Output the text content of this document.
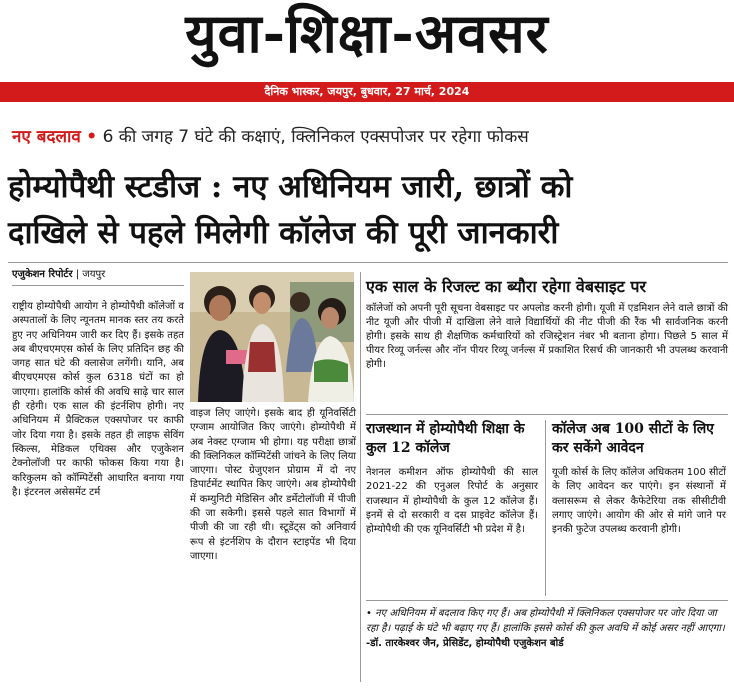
युवा-शिक्षा-अवसर
दैनिक भास्कर, जयपुर, बुधवार, 27 मार्च, 2024
नए बदलाव • 6 की जगह 7 घंटे की कक्षाएं, क्लिनिकल एक्सपोजर पर रहेगा फोकस
होम्योपैथी स्टडीज : नए अधिनियम जारी, छात्रों को
दाखिले से पहले मिलेगी कॉलेज की पूरी जानकारी
एजुकेशन रिपोर्टर | जयपुर
राष्ट्रीय होम्योपैथी आयोग ने होम्योपैथी कॉलेजों व अस्पतालों के लिए न्यूनतम मानक स्तर तय करते हुए नए अधिनियम जारी कर दिए हैं। इसके तहत अब बीएचएमएस कोर्स के लिए प्रतिदिन छह की जगह सात घंटे की क्लासेज लगेंगी। यानि, अब बीएचएमएस कोर्स कुल 6318 घंटों का हो जाएगा। हालांकि कोर्स की अवधि साढ़े चार साल ही रहेगी। एक साल की इंटर्नशिप होगी। नए अधिनियम में प्रैक्टिकल एक्सपोजर पर काफी जोर दिया गया है। इसके तहत ही लाइफ सेविंग स्किल्स, मेडिकल एथिक्स और एजुकेशन टेक्नोलॉजी पर काफी फोकस किया गया है। करिकुलम को कॉम्पिटेंसी आधारित बनाया गया है। इंटरनल असेसमेंट टर्म
वाइज लिए जाएंगे। इसके बाद ही यूनिवर्सिटी एग्जाम आयोजित किए जाएंगे। होम्योपैथी में अब नेक्स्ट एग्जाम भी होगा। यह परीक्षा छात्रों की क्लिनिकल कॉम्पिटेंसी जांचने के लिए लिया जाएगा। पोस्ट ग्रेजुएशन प्रोग्राम में दो नए डिपार्टमेंट स्थापित किए जाएंगे। अब होम्योपैथी में कम्युनिटी मेडिसिन और डर्मेटोलॉजी में पीजी की जा सकेगी। इससे पहले सात विभागों में पीजी की जा रही थी। स्टूडेंट्स को अनिवार्य रूप से इंटर्नशिप के दौरान स्टाइपेंड भी दिया जाएगा।
एक साल के रिजल्ट का ब्यौरा रहेगा वेबसाइट पर
कॉलेजों को अपनी पूरी सूचना वेबसाइट पर अपलोड करनी होगी। यूजी में एडमिशन लेने वाले छात्रों की नीट यूजी और पीजी में दाखिला लेने वाले विद्यार्थियों की नीट पीजी की रैंक भी सार्वजनिक करनी होगी। इसके साथ ही शैक्षणिक कर्मचारियों को रजिस्ट्रेशन नंबर भी बताना होगा। पिछले 5 साल में पीयर रिव्यू जर्नल्स और नॉन पीयर रिव्यू जर्नल्स में प्रकाशित रिसर्च की जानकारी भी उपलब्ध करवानी होगी।
राजस्थान में होम्योपैथी शिक्षा के कुल 12 कॉलेज
नेशनल कमीशन ऑफ होम्योपैथी की साल 2021-22 की एनुअल रिपोर्ट के अनुसार राजस्थान में होम्योपैथी के कुल 12 कॉलेज हैं। इनमें से दो सरकारी व दस प्राइवेट कॉलेज हैं। होम्योपैथी की एक यूनिवर्सिटी भी प्रदेश में है।
कॉलेज अब 100 सीटों के लिए कर सकेंगे आवेदन
यूजी कोर्स के लिए कॉलेज अधिकतम 100 सीटों के लिए आवेदन कर पाएंगे। इन संस्थानों में क्लासरूम से लेकर कैफेटेरिया तक सीसीटीवी लगाए जाएंगे। आयोग की ओर से मांगे जाने पर इनकी फुटेज उपलब्ध करवानी होगी।
• नए अधिनियम में बदलाव किए गए हैं। अब होम्योपैथी में क्लिनिकल एक्सपोजर पर जोर दिया जा रहा है। पढ़ाई के घंटे भी बढ़ाए गए हैं। हालांकि इससे कोर्स की कुल अवधि में कोई असर नहीं आएगा।
-डॉ. तारकेश्वर जैन, प्रेसिडेंट, होम्योपैथी एजुकेशन बोर्ड
